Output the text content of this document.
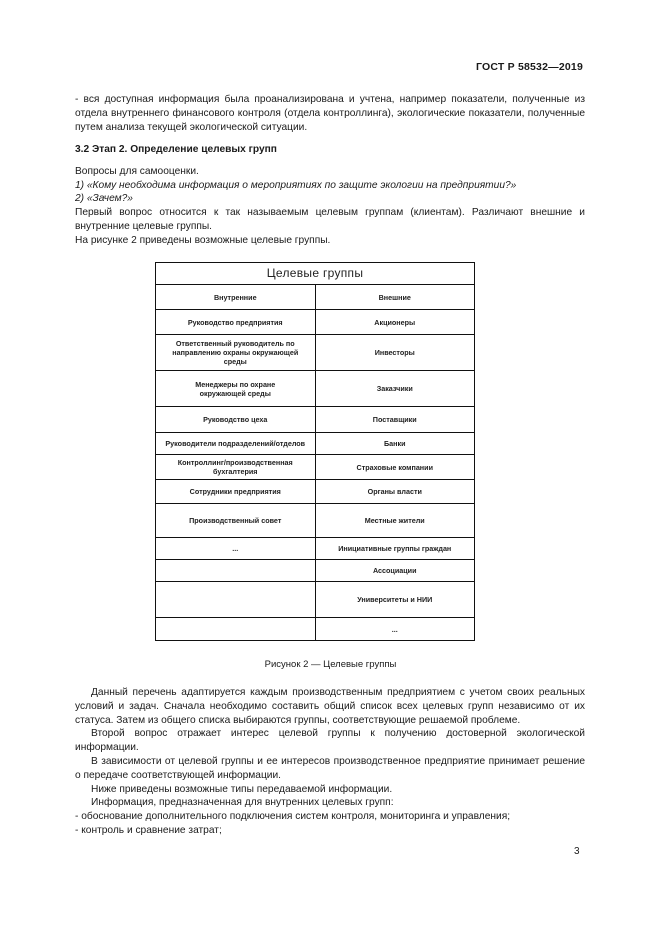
ГОСТ Р 58532—2019

- вся доступная информация была проанализирована и учтена, например показатели, полученные из отдела внутреннего финансового контроля (отдела контроллинга), экологические показатели, полученные путем анализа текущей экологической ситуации.

3.2 Этап 2. Определение целевых групп

Вопросы для самооценки.

1) «Кому необходима информация о мероприятиях по защите экологии на предприятии?»

2) «Зачем?»

Первый вопрос относится к так называемым целевым группам (клиентам). Различают внешние и внутренние целевые группы.

На рисунке 2 приведены возможные целевые группы.

Целевые группы	
Внутренние	Внешние
Руководство предприятия	Акционеры
Ответственный руководитель по направлению охраны окружающей среды	Инвесторы
Менеджеры по охране окружающей среды	Заказчики
Руководство цеха	Поставщики
Руководители подразделений/отделов	Банки
Контроллинг/производственная бухгалтерия	Страховые компании
Сотрудники предприятия	Органы власти
Производственный совет	Местные жители
...	Инициативные группы граждан
	Ассоциации
	Университеты и НИИ
	...
Рисунок 2 — Целевые группы

Данный перечень адаптируется каждым производственным предприятием с учетом своих реальных условий и задач. Сначала необходимо составить общий список всех целевых групп независимо от их статуса. Затем из общего списка выбираются группы, соответствующие решаемой проблеме.

Второй вопрос отражает интерес целевой группы к получению достоверной экологической информации.

В зависимости от целевой группы и ее интересов производственное предприятие принимает решение о передаче соответствующей информации.

Ниже приведены возможные типы передаваемой информации.

Информация, предназначенная для внутренних целевых групп:

- обоснование дополнительного подключения систем контроля, мониторинга и управления;

- контроль и сравнение затрат;

3
